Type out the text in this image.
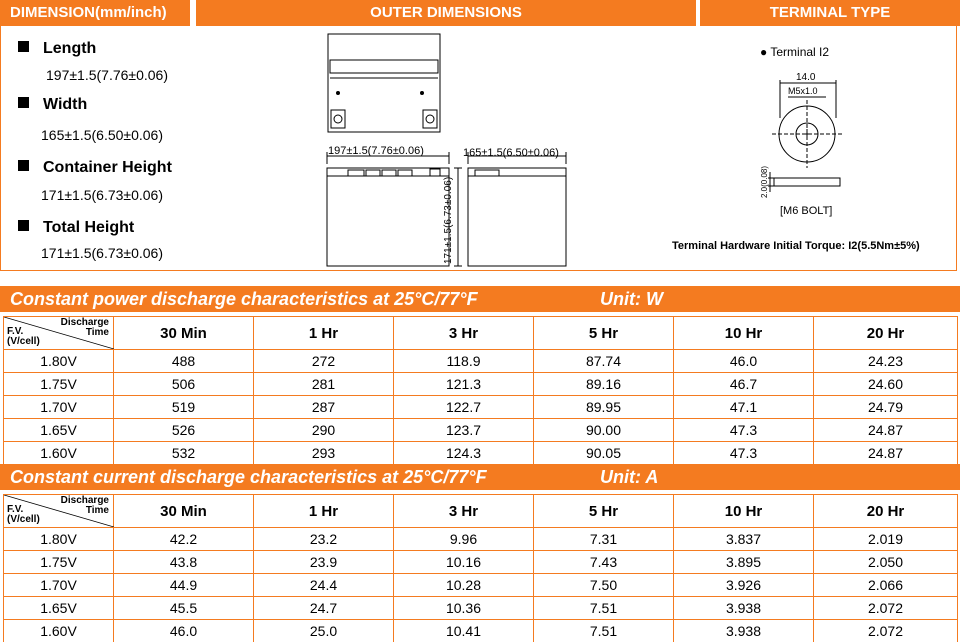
DIMENSION(mm/inch)	OUTER DIMENSIONS	TERMINAL TYPE
Length
197±1.5(7.76±0.06)
Width
165±1.5(6.50±0.06)
Container Height
171±1.5(6.73±0.06)
Total Height
171±1.5(6.73±0.06)
197±1.5(7.76±0.06)	165±1.5(6.50±0.06)
171±1.5(6.73±0.06)
● Terminal I2
14.0
M5x1.0
2.0(0.08)
[M6 BOLT]
Terminal Hardware Initial Torque: I2(5.5Nm±5%)
Constant power discharge characteristics at 25°C/77°F	Unit: W
Discharge
Time
F.V.
(V/cell)	30 Min	1 Hr	3 Hr	5 Hr	10 Hr	20 Hr
1.80V	488	272	118.9	87.74	46.0	24.23
1.75V	506	281	121.3	89.16	46.7	24.60
1.70V	519	287	122.7	89.95	47.1	24.79
1.65V	526	290	123.7	90.00	47.3	24.87
1.60V	532	293	124.3	90.05	47.3	24.87
Constant current discharge characteristics at 25°C/77°F	Unit: A
Discharge
Time
F.V.
(V/cell)	30 Min	1 Hr	3 Hr	5 Hr	10 Hr	20 Hr
1.80V	42.2	23.2	9.96	7.31	3.837	2.019
1.75V	43.8	23.9	10.16	7.43	3.895	2.050
1.70V	44.9	24.4	10.28	7.50	3.926	2.066
1.65V	45.5	24.7	10.36	7.51	3.938	2.072
1.60V	46.0	25.0	10.41	7.51	3.938	2.072
